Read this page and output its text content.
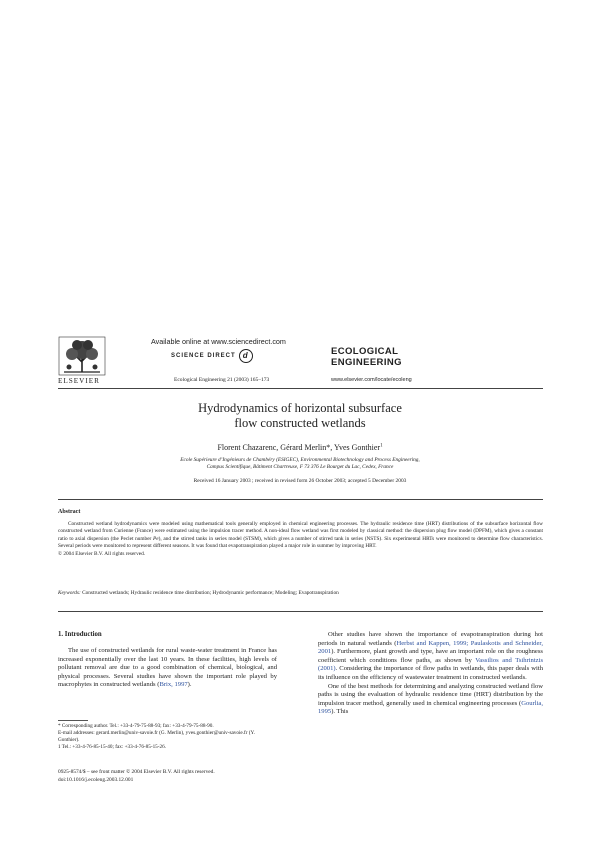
ELSEVIER
Available online at www.sciencedirect.com
SCIENCE DIRECT d
Ecological Engineering 21 (2003) 165–173
ECOLOGICAL
ENGINEERING
www.elsevier.com/locate/ecoleng
Hydrodynamics of horizontal subsurface
flow constructed wetlands
Florent Chazarenc, Gérard Merlin*, Yves Gonthier$^1$
Ecole Supérieure d’Ingénieurs de Chambéry (ESIGEC), Environmental Biotechnology and Process Engineering,
Campus Scientifique, Bâtiment Chartreuse, F 73 376 Le Bourget du Lac, Cedex, France
Received 16 January 2003 ; received in revised form 26 October 2003; accepted 5 December 2003
Abstract

Constructed wetland hydrodynamics were modeled using mathematical tools generally employed in chemical engineering processes. The hydraulic residence time (HRT) distributions of the subsurface horizontal flow constructed wetland from Curienne (France) were estimated using the impulsion tracer method. A non-ideal flow wetland was first modeled by classical method: the dispersion plug flow model (DPFM), which gives a constant ratio to axial dispersion (the Peclet number Pe), and the stirred tanks in series model (STSM), which gives a number of stirred tank in series (NSTS). Six experimental HRTs were monitored to determine flow characteristics. Several periods were monitored to represent different seasons. It was found that evapotranspiration played a major role in summer by improving HRT.

© 2004 Elsevier B.V. All rights reserved.
Keywords: Constructed wetlands; Hydraulic residence time distribution; Hydrodynamic performance; Modeling; Evapotranspiration
1. Introduction

The use of constructed wetlands for rural waste-water treatment in France has increased exponentially over the last 10 years. In these facilities, high levels of pollutant removal are due to a good combination of chemical, biological, and physical processes. Several studies have shown the important role played by macrophytes in constructed wetlands (Brix, 1997).

Other studies have shown the importance of evapotranspiration during hot periods in natural wetlands (Herbst and Kappen, 1999; Paulaskotis and Schneider, 2001). Furthermore, plant growth and type, have an important role on the roughness coefficient which conditions flow paths, as shown by Vassilios and Tsihrintzis (2001). Considering the importance of flow paths in wetlands, this paper deals with its influence on the efficiency of wastewater treatment in constructed wetlands.

One of the best methods for determining and analyzing constructed wetland flow paths is using the evaluation of hydraulic residence time (HRT) distribution by the impulsion tracer method, generally used in chemical engineering processes (Gourlia, 1995). This

* Corresponding author. Tel.: +33-4-79-75-88-93; fax: +33-4-79-75-88-90.
E-mail addresses: gerard.merlin@univ-savoie.fr (G. Merlin), yves.gonthier@univ-savoie.fr (Y. Gonthier).
1 Tel.: +33-4-76-85-15-40; fax: +33-4-76-85-15-26.
0925-8574/$ – see front matter © 2004 Elsevier B.V. All rights reserved.
doi:10.1016/j.ecoleng.2003.12.001
